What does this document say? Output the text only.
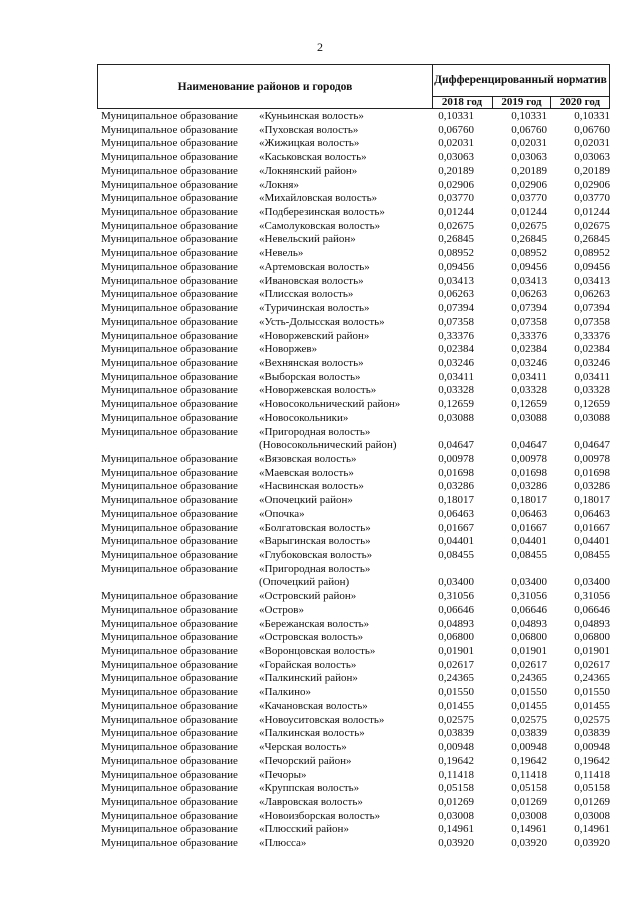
2
Наименование районов и городов
Дифференцированный норматив
2018 год	2019 год	2020 год
Муниципальное образование «Куньинская волость»	0,10331	0,10331	0,10331
Муниципальное образование «Пуховская волость»	0,06760	0,06760	0,06760
Муниципальное образование «Жижицкая волость»	0,02031	0,02031	0,02031
Муниципальное образование «Каськовская волость»	0,03063	0,03063	0,03063
Муниципальное образование «Локнянский район»	0,20189	0,20189	0,20189
Муниципальное образование «Локня»	0,02906	0,02906	0,02906
Муниципальное образование «Михайловская волость»	0,03770	0,03770	0,03770
Муниципальное образование «Подберезинская волость»	0,01244	0,01244	0,01244
Муниципальное образование «Самолуковская волость»	0,02675	0,02675	0,02675
Муниципальное образование «Невельский район»	0,26845	0,26845	0,26845
Муниципальное образование «Невель»	0,08952	0,08952	0,08952
Муниципальное образование «Артемовская волость»	0,09456	0,09456	0,09456
Муниципальное образование «Ивановская волость»	0,03413	0,03413	0,03413
Муниципальное образование «Плисская волость»	0,06263	0,06263	0,06263
Муниципальное образование «Туричинская волость»	0,07394	0,07394	0,07394
Муниципальное образование «Усть-Долысская волость»	0,07358	0,07358	0,07358
Муниципальное образование «Новоржевский район»	0,33376	0,33376	0,33376
Муниципальное образование «Новоржев»	0,02384	0,02384	0,02384
Муниципальное образование «Вехнянская волость»	0,03246	0,03246	0,03246
Муниципальное образование «Выборская волость»	0,03411	0,03411	0,03411
Муниципальное образование «Новоржевская волость»	0,03328	0,03328	0,03328
Муниципальное образование «Новосокольнический район»	0,12659	0,12659	0,12659
Муниципальное образование «Новосокольники»	0,03088	0,03088	0,03088
Муниципальное образование «Пригородная волость»
(Новосокольнический район)	0,04647	0,04647	0,04647
Муниципальное образование «Вязовская волость»	0,00978	0,00978	0,00978
Муниципальное образование «Маевская волость»	0,01698	0,01698	0,01698
Муниципальное образование «Насвинская волость»	0,03286	0,03286	0,03286
Муниципальное образование «Опочецкий район»	0,18017	0,18017	0,18017
Муниципальное образование «Опочка»	0,06463	0,06463	0,06463
Муниципальное образование «Болгатовская волость»	0,01667	0,01667	0,01667
Муниципальное образование «Варыгинская волость»	0,04401	0,04401	0,04401
Муниципальное образование «Глубоковская волость»	0,08455	0,08455	0,08455
Муниципальное образование «Пригородная волость»
(Опочецкий район)	0,03400	0,03400	0,03400
Муниципальное образование «Островский район»	0,31056	0,31056	0,31056
Муниципальное образование «Остров»	0,06646	0,06646	0,06646
Муниципальное образование «Бережанская волость»	0,04893	0,04893	0,04893
Муниципальное образование «Островская волость»	0,06800	0,06800	0,06800
Муниципальное образование «Воронцовская волость»	0,01901	0,01901	0,01901
Муниципальное образование «Горайская волость»	0,02617	0,02617	0,02617
Муниципальное образование «Палкинский район»	0,24365	0,24365	0,24365
Муниципальное образование «Палкино»	0,01550	0,01550	0,01550
Муниципальное образование «Качановская волость»	0,01455	0,01455	0,01455
Муниципальное образование «Новоуситовская волость»	0,02575	0,02575	0,02575
Муниципальное образование «Палкинская волость»	0,03839	0,03839	0,03839
Муниципальное образование «Черская волость»	0,00948	0,00948	0,00948
Муниципальное образование «Печорский район»	0,19642	0,19642	0,19642
Муниципальное образование «Печоры»	0,11418	0,11418	0,11418
Муниципальное образование «Круппская волость»	0,05158	0,05158	0,05158
Муниципальное образование «Лавровская волость»	0,01269	0,01269	0,01269
Муниципальное образование «Новоизборская волость»	0,03008	0,03008	0,03008
Муниципальное образование «Плюсский район»	0,14961	0,14961	0,14961
Муниципальное образование «Плюсса»	0,03920	0,03920	0,03920
